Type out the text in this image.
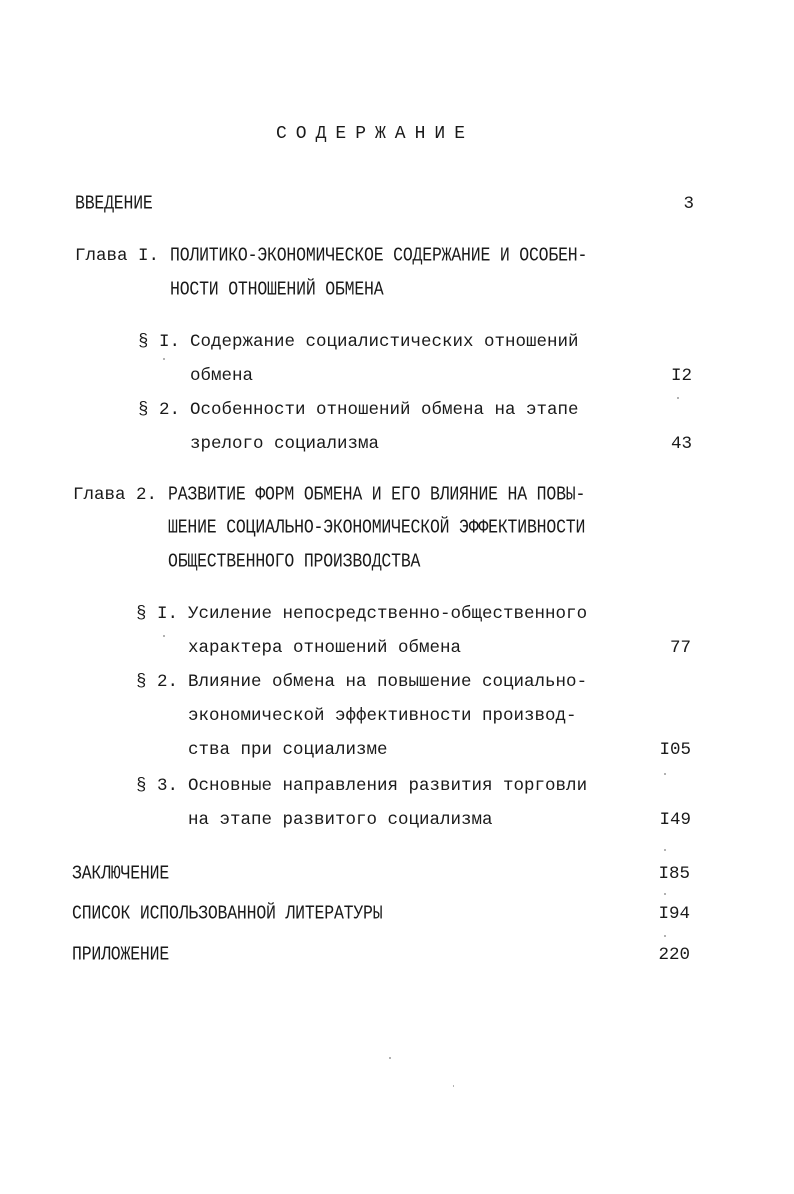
СОДЕРЖАНИЕ
ВВЕДЕНИЕ	3
Глава I. ПОЛИТИКО-ЭКОНОМИЧЕСКОЕ СОДЕРЖАНИЕ И ОСОБЕН-
НОСТИ ОТНОШЕНИЙ ОБМЕНА
§ I. Содержание социалистических отношений
обмена	I2
§ 2. Особенности отношений обмена на этапе
зрелого социализма	43
Глава 2. РАЗВИТИЕ ФОРМ ОБМЕНА И ЕГО ВЛИЯНИЕ НА ПОВЫ-
ШЕНИЕ СОЦИАЛЬНО-ЭКОНОМИЧЕСКОЙ ЭФФЕКТИВНОСТИ
ОБЩЕСТВЕННОГО ПРОИЗВОДСТВА
§ I. Усиление непосредственно-общественного
характера отношений обмена	77
§ 2. Влияние обмена на повышение социально-
экономической эффективности производ-
ства при социализме	I05
§ 3. Основные направления развития торговли
на этапе развитого социализма	I49
ЗАКЛЮЧЕНИЕ	I85
СПИСОК ИСПОЛЬЗОВАННОЙ ЛИТЕРАТУРЫ	I94
ПРИЛОЖЕНИЕ	220
